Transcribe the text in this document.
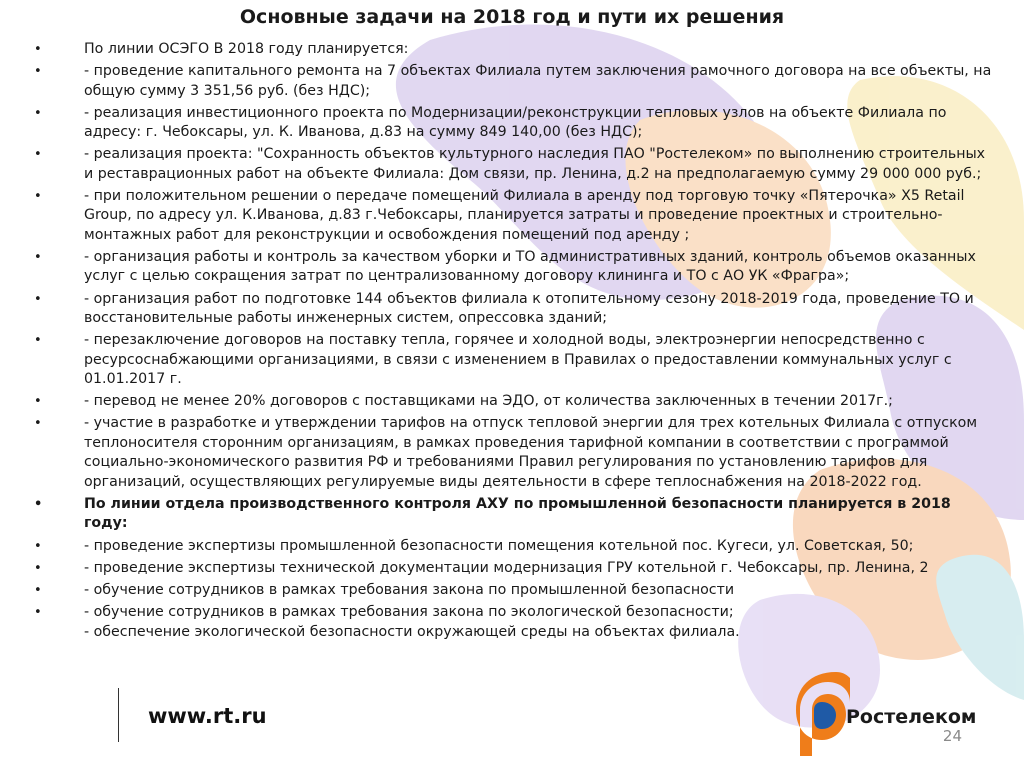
Основные задачи на 2018 год и пути их решения
•	По линии ОСЭГО В 2018 году планируется:
•	- проведение капитального ремонта на 7 объектах Филиала путем заключения рамочного договора на все объекты, на общую сумму 3 351,56 руб. (без НДС);
•	- реализация инвестиционного проекта по Модернизации/реконструкции тепловых узлов на объекте Филиала по адресу: г. Чебоксары, ул. К. Иванова, д.83 на сумму 849 140,00 (без НДС);
•	- реализация проекта: "Сохранность объектов культурного наследия ПАО "Ростелеком» по выполнению строительных и реставрационных работ на объекте Филиала: Дом связи, пр. Ленина, д.2 на предполагаемую сумму 29 000 000 руб.;
•	- при положительном решении о передаче помещений Филиала в аренду под торговую точку «Пятерочка» X5 Retail Group, по адресу ул. К.Иванова, д.83 г.Чебоксары, планируется затраты и проведение проектных и строительно-монтажных работ для реконструкции и освобождения помещений под аренду ;
•	- организация работы и контроль за качеством уборки и ТО административных зданий, контроль объемов оказанных услуг с целью сокращения затрат по централизованному договору клининга и ТО с АО УК «Фрагра»;
•	- организация работ по подготовке 144 объектов филиала к отопительному сезону 2018-2019 года, проведение ТО и восстановительные работы инженерных систем, опрессовка зданий;
•	- перезаключение договоров на поставку тепла, горячее и холодной воды, электроэнергии непосредственно с ресурсоснабжающими организациями, в связи с изменением в Правилах о предоставлении коммунальных услуг с 01.01.2017 г.
•	- перевод не менее 20% договоров с поставщиками на ЭДО, от количества заключенных в течении 2017г.;
•	- участие в разработке и утверждении тарифов на отпуск тепловой энергии для трех котельных Филиала с отпуском теплоносителя сторонним организациям, в рамках проведения тарифной компании в соответствии с программой социально-экономического развития РФ и требованиями Правил регулирования по установлению тарифов для организаций, осуществляющих регулируемые виды деятельности в сфере теплоснабжения на 2018-2022 год.
•	По линии отдела производственного контроля АХУ по промышленной безопасности планируется в 2018 году:
•	- проведение экспертизы промышленной безопасности помещения котельной пос. Кугеси, ул. Советская, 50;
•	- проведение экспертизы технической документации модернизация ГРУ котельной г. Чебоксары, пр. Ленина, 2
•	- обучение сотрудников в рамках требования закона по промышленной безопасности
•	- обучение сотрудников в рамках требования закона по экологической безопасности;
- обеспечение экологической безопасности окружающей среды на объектах филиала.
www.rt.ru	Ростелеком
24
